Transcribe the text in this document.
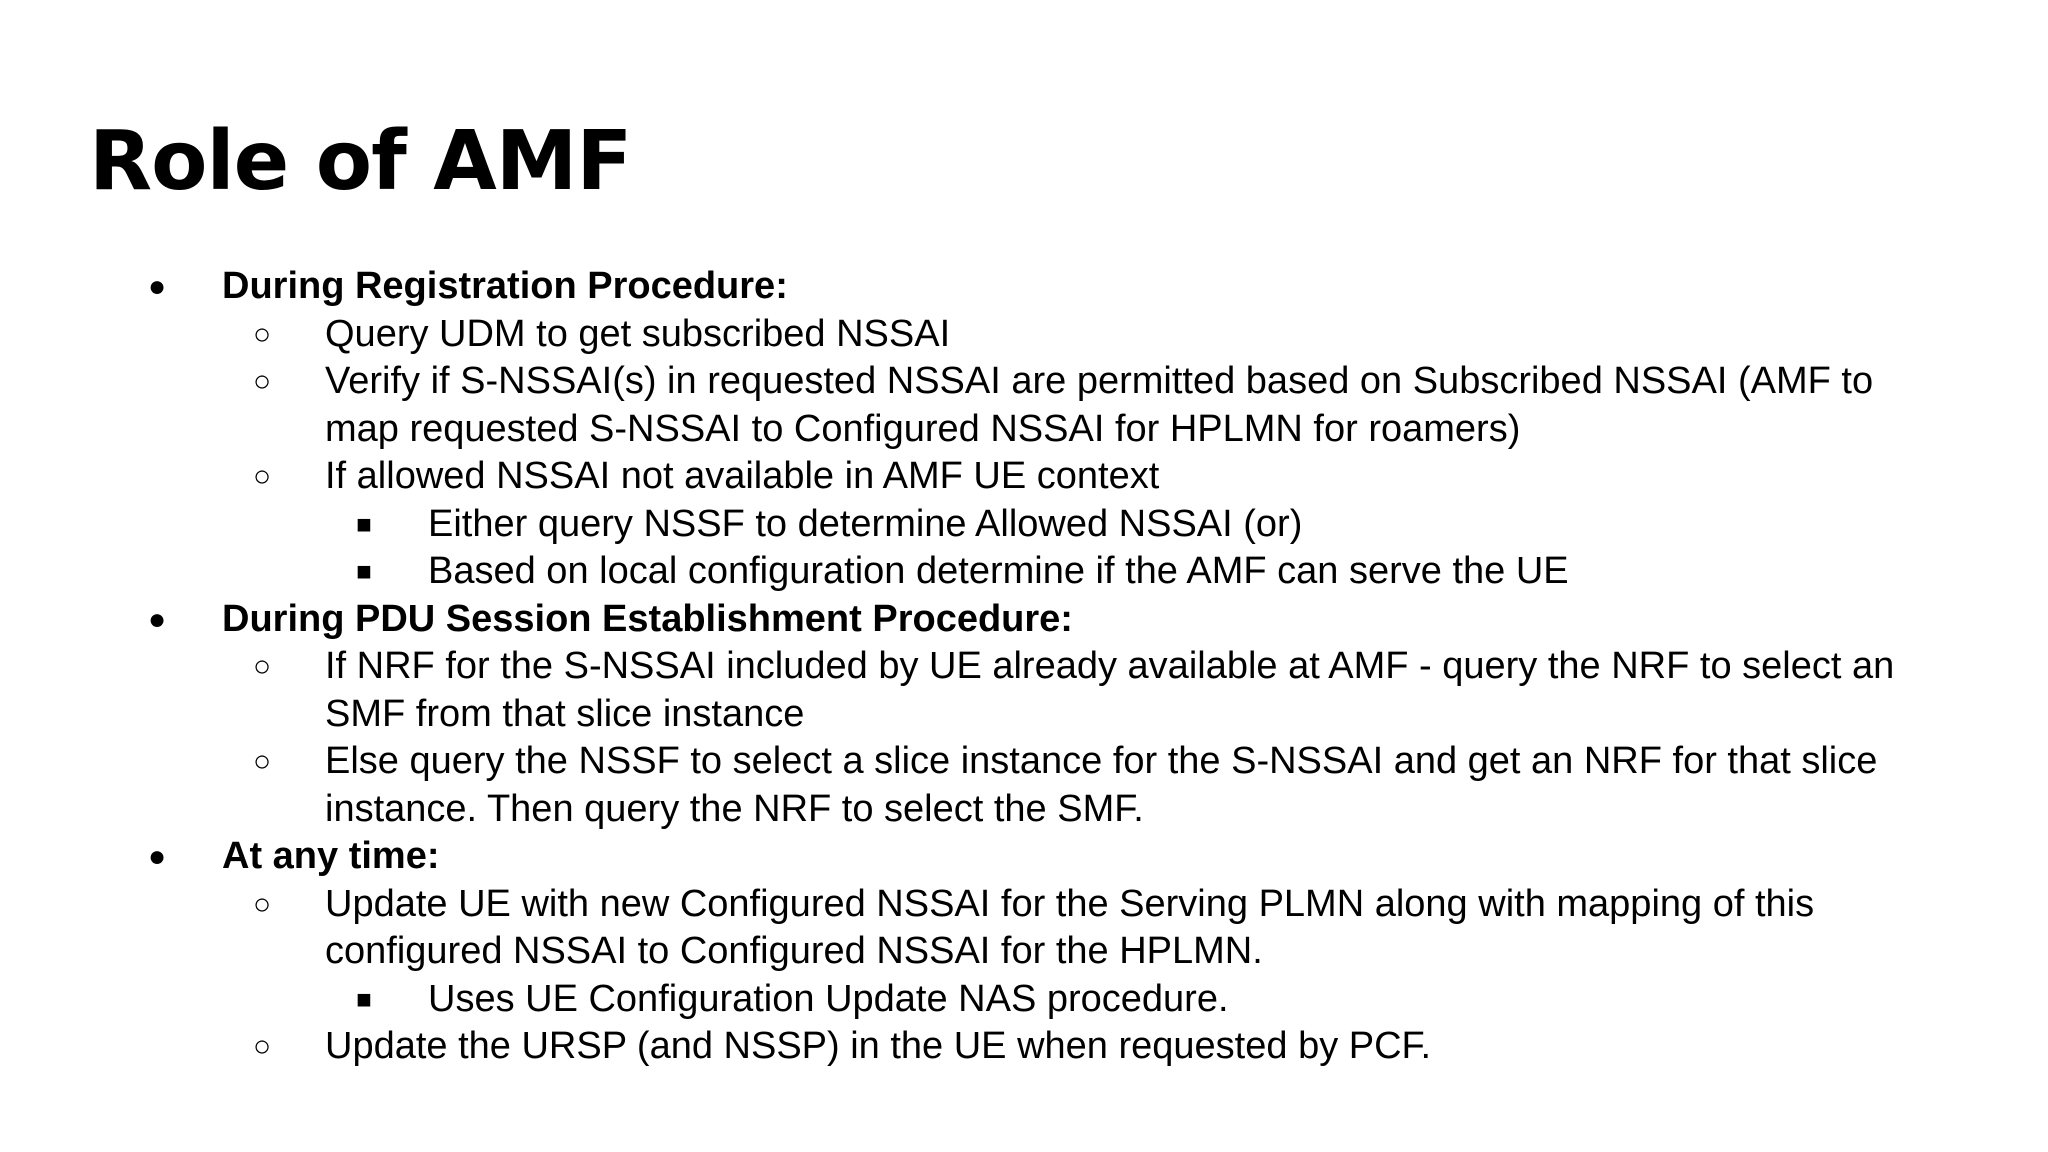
Role of AMF
● During Registration Procedure:
○ Query UDM to get subscribed NSSAI
○ Verify if S-NSSAI(s) in requested NSSAI are permitted based on Subscribed NSSAI (AMF to
map requested S-NSSAI to Configured NSSAI for HPLMN for roamers)
○ If allowed NSSAI not available in AMF UE context
■	Either query NSSF to determine Allowed NSSAI (or)
■	Based on local configuration determine if the AMF can serve the UE
● During PDU Session Establishment Procedure:
○ If NRF for the S-NSSAI included by UE already available at AMF - query the NRF to select an
SMF from that slice instance
○ Else query the NSSF to select a slice instance for the S-NSSAI and get an NRF for that slice
instance. Then query the NRF to select the SMF.
● At any time:
○ Update UE with new Configured NSSAI for the Serving PLMN along with mapping of this
configured NSSAI to Configured NSSAI for the HPLMN.
■	Uses UE Configuration Update NAS procedure.
○ Update the URSP (and NSSP) in the UE when requested by PCF.
